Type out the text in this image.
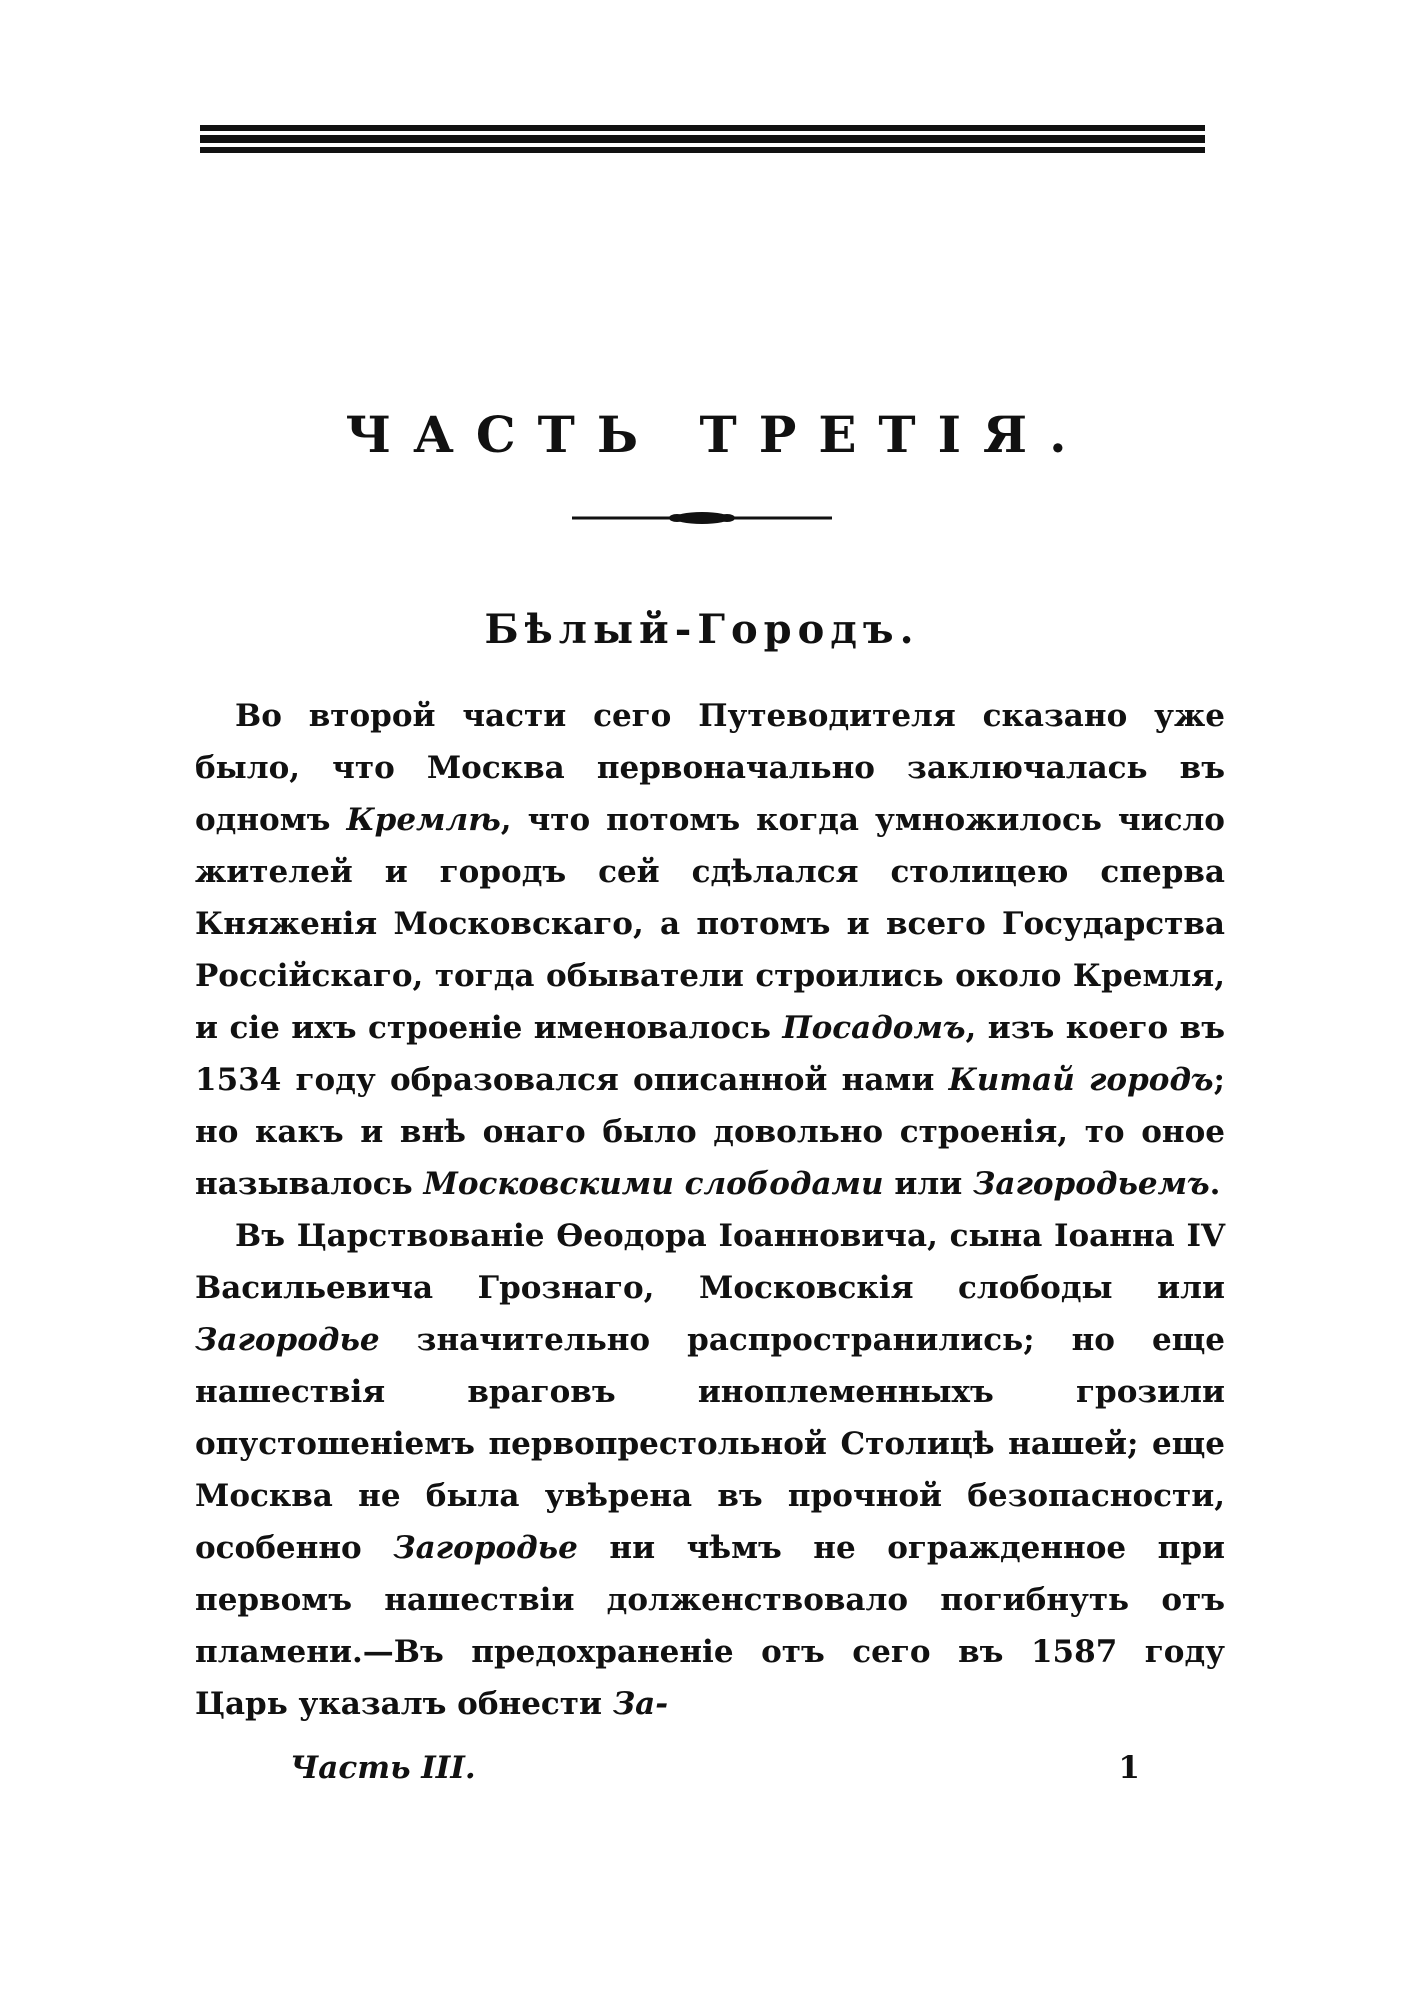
ЧАСТЬ ТРЕТІЯ.
Бѣлый-Городъ.

Во второй части сего Путеводителя сказано уже было, что Москва первоначально заключалась въ одномъ Кремлѣ, что потомъ когда умножилось число жителей и городъ сей сдѣлался столицею сперва Княженія Московскаго, а потомъ и всего Государства Россійскаго, тогда обыватели строились около Кремля, и сіе ихъ строеніе именовалось Посадомъ, изъ коего въ 1534 году образовался описанной нами Китай городъ; но какъ и внѣ онаго было довольно строенія, то оное называлось Московскими слободами или Загородьемъ.

Въ Царствованіе Ѳеодора Іоанновича, сына Іоанна IV Васильевича Грознаго, Московскія слободы или Загородье значительно распространились; но еще нашествія враговъ иноплеменныхъ грозили опустошеніемъ первопрестольной Столицѣ нашей; еще Москва не была увѣрена въ прочной безопасности, особенно Загородье ни чѣмъ не огражденное при первомъ нашествіи долженствовало погибнуть отъ пламени.—Въ предохраненіе отъ сего въ 1587 году Царь указалъ обнести За-

Часть III.	1
